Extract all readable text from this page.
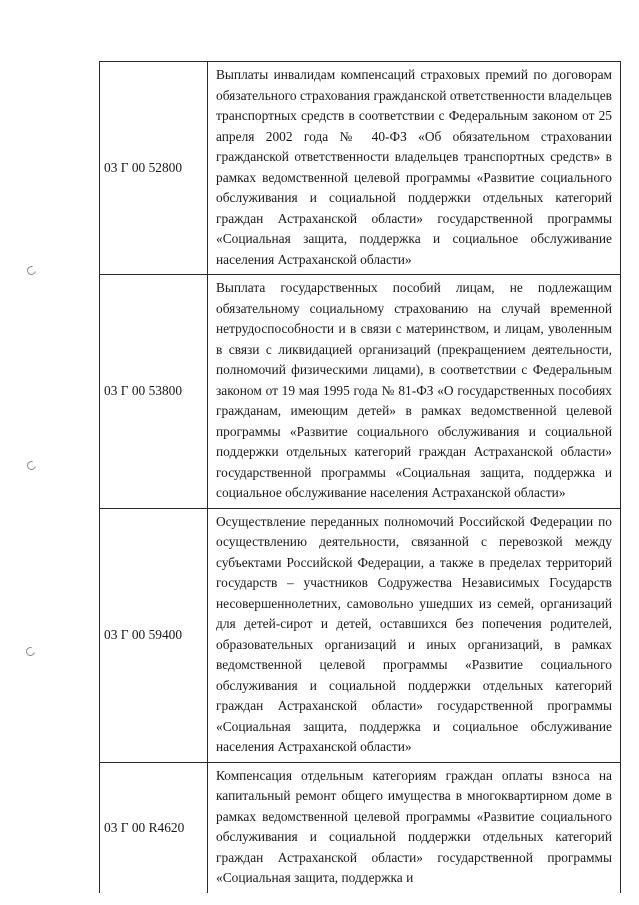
03 Г 00 52800	Выплаты инвалидам компенсаций страховых премий по договорам обязательного страхования гражданской ответственности владельцев транспортных средств в соответствии с Федеральным законом от 25 апреля 2002 года № 40-ФЗ «Об обязательном страховании гражданской ответственности владельцев транспортных средств» в рамках ведомственной целевой программы «Развитие социального обслуживания и социальной поддержки отдельных категорий граждан Астраханской области» государственной программы «Социальная защита, поддержка и социальное обслуживание населения Астраханской области»
03 Г 00 53800	Выплата государственных пособий лицам, не подлежащим обязательному социальному страхованию на случай временной нетрудоспособности и в связи с материнством, и лицам, уволенным в связи с ликвидацией организаций (прекращением деятельности, полномочий физическими лицами), в соответствии с Федеральным законом от 19 мая 1995 года № 81-ФЗ «О государственных пособиях гражданам, имеющим детей» в рамках ведомственной целевой программы «Развитие социального обслуживания и социальной поддержки отдельных категорий граждан Астраханской области» государственной программы «Социальная защита, поддержка и социальное обслуживание населения Астраханской области»
03 Г 00 59400	Осуществление переданных полномочий Российской Федерации по осуществлению деятельности, связанной с перевозкой между субъектами Российской Федерации, а также в пределах территорий государств – участников Содружества Независимых Государств несовершеннолетних, самовольно ушедших из семей, организаций для детей-сирот и детей, оставшихся без попечения родителей, образовательных организаций и иных организаций, в рамках ведомственной целевой программы «Развитие социального обслуживания и социальной поддержки отдельных категорий граждан Астраханской области» государственной программы «Социальная защита, поддержка и социальное обслуживание населения Астраханской области»
03 Г 00 R4620	Компенсация отдельным категориям граждан оплаты взноса на капитальный ремонт общего имущества в многоквартирном доме в рамках ведомственной целевой программы «Развитие социального обслуживания и социальной поддержки отдельных категорий граждан Астраханской области» государственной программы «Социальная защита, поддержка и
